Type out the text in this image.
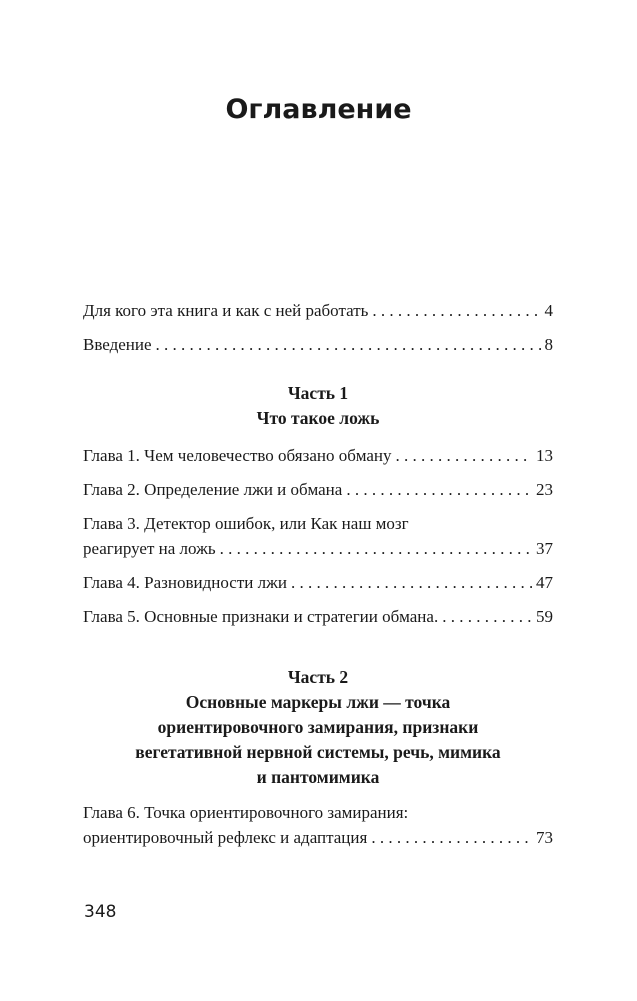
Оглавление
Для кого эта книга и как с ней работать . . .	4
Введение . . .	8
Часть 1
Что такое ложь
Глава 1. Чем человечество обязано обману . . .	13
Глава 2. Определение лжи и обмана . . .	23
Глава 3. Детектор ошибок, или Как наш мозг
реагирует на ложь . . .	37
Глава 4. Разновидности лжи . . .	47
Глава 5. Основные признаки и стратегии обмана. . . .	59
Часть 2
Основные маркеры лжи — точка
ориентировочного замирания, признаки
вегетативной нервной системы, речь, мимика
и пантомимика
Глава 6. Точка ориентировочного замирания:
ориентировочный рефлекс и адаптация . . .	73
348
